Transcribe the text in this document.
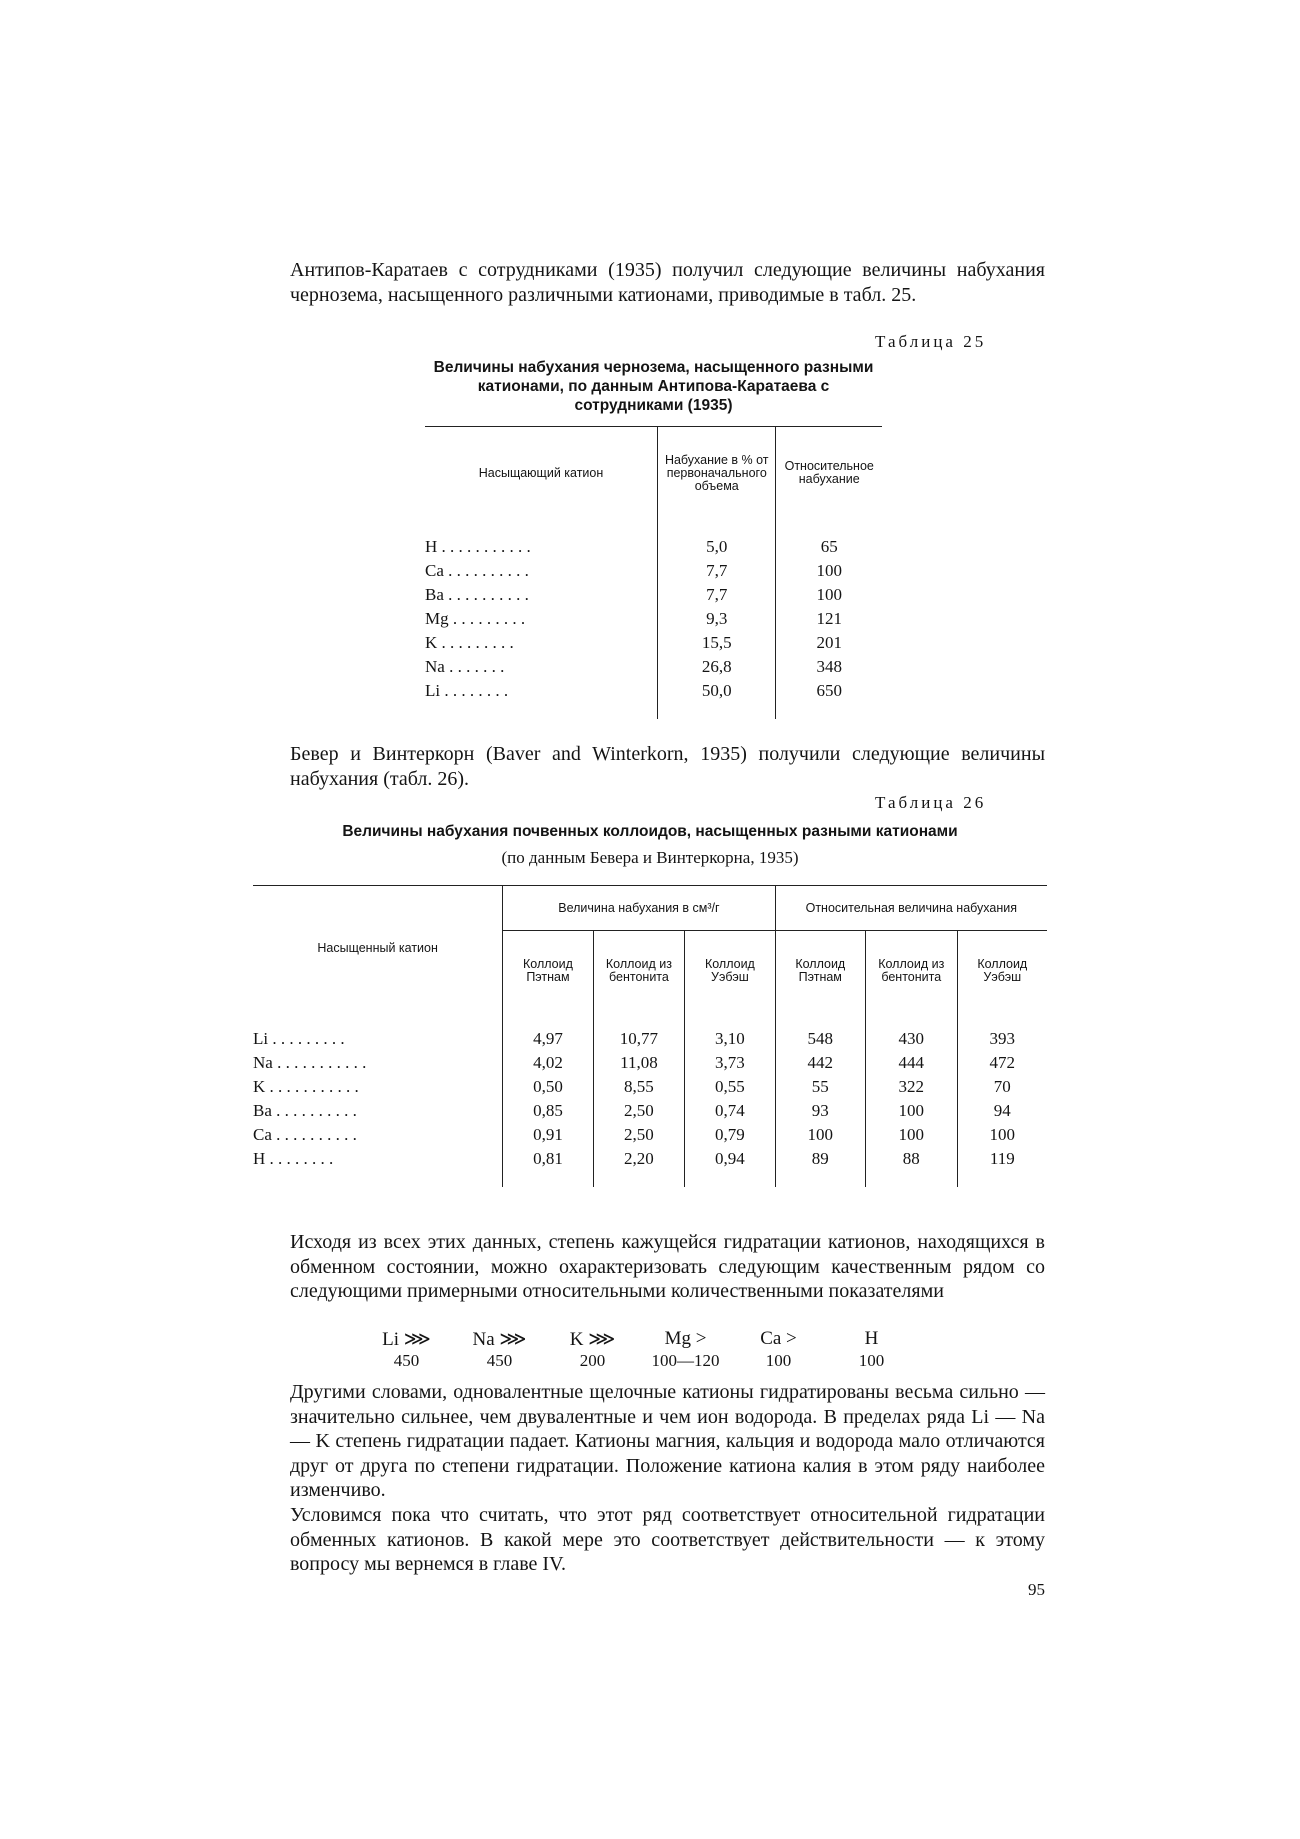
Антипов-Каратаев с сотрудниками (1935) получил следующие величины набухания чернозема, насыщенного различными катионами, приводимые в табл. 25.

Таблица 25

Величины набухания чернозема, насыщенного разными катионами, по данным Антипова-Каратаева с сотрудниками (1935)

Насыщающий катион	Набухание в % от первоначального объема	Относительное набухание

H . . . . . . . . . . .	5,0	65
Ca . . . . . . . . . .	7,7	100
Ba . . . . . . . . . .	7,7	100
Mg . . . . . . . . .	9,3	121
K . . . . . . . . .	15,5	201
Na . . . . . . .	26,8	348
Li . . . . . . . .	50,0	650

Бевер и Винтеркорн (Baver and Winterkorn, 1935) получили следующие величины набухания (табл. 26).

Таблица 26

Величины набухания почвенных коллоидов, насыщенных разными катионами

(по данным Бевера и Винтеркорна, 1935)

Насыщенный катион	Величина набухания в см³/г			Относительная величина набухания		
	Коллоид Пэтнам	Коллоид из бентонита	Коллоид Уэбэш	Коллоид Пэтнам	Коллоид из бентонита	Коллоид Уэбэш

Li . . . . . . . . .	4,97	10,77	3,10	548	430	393
Na . . . . . . . . . . .	4,02	11,08	3,73	442	444	472
K . . . . . . . . . . .	0,50	8,55	0,55	55	322	70
Ba . . . . . . . . . .	0,85	2,50	0,74	93	100	94
Ca . . . . . . . . . .	0,91	2,50	0,79	100	100	100
H . . . . . . . .	0,81	2,20	0,94	89	88	119

Исходя из всех этих данных, степень кажущейся гидратации катионов, находящихся в обменном состоянии, можно охарактеризовать следующим качественным рядом со следующими примерными относительными количественными показателями

Li ⋙	Na ⋙	K ⋙	Mg >	Ca >	H
450	450	200	100—120	100	100

Другими словами, одновалентные щелочные катионы гидратированы весьма сильно — значительно сильнее, чем двувалентные и чем ион водорода. В пределах ряда Li — Na — K степень гидратации падает. Катионы магния, кальция и водорода мало отличаются друг от друга по степени гидратации. Положение катиона калия в этом ряду наиболее изменчиво.

Условимся пока что считать, что этот ряд соответствует относительной гидратации обменных катионов. В какой мере это соответствует действительности — к этому вопросу мы вернемся в главе IV.

95
